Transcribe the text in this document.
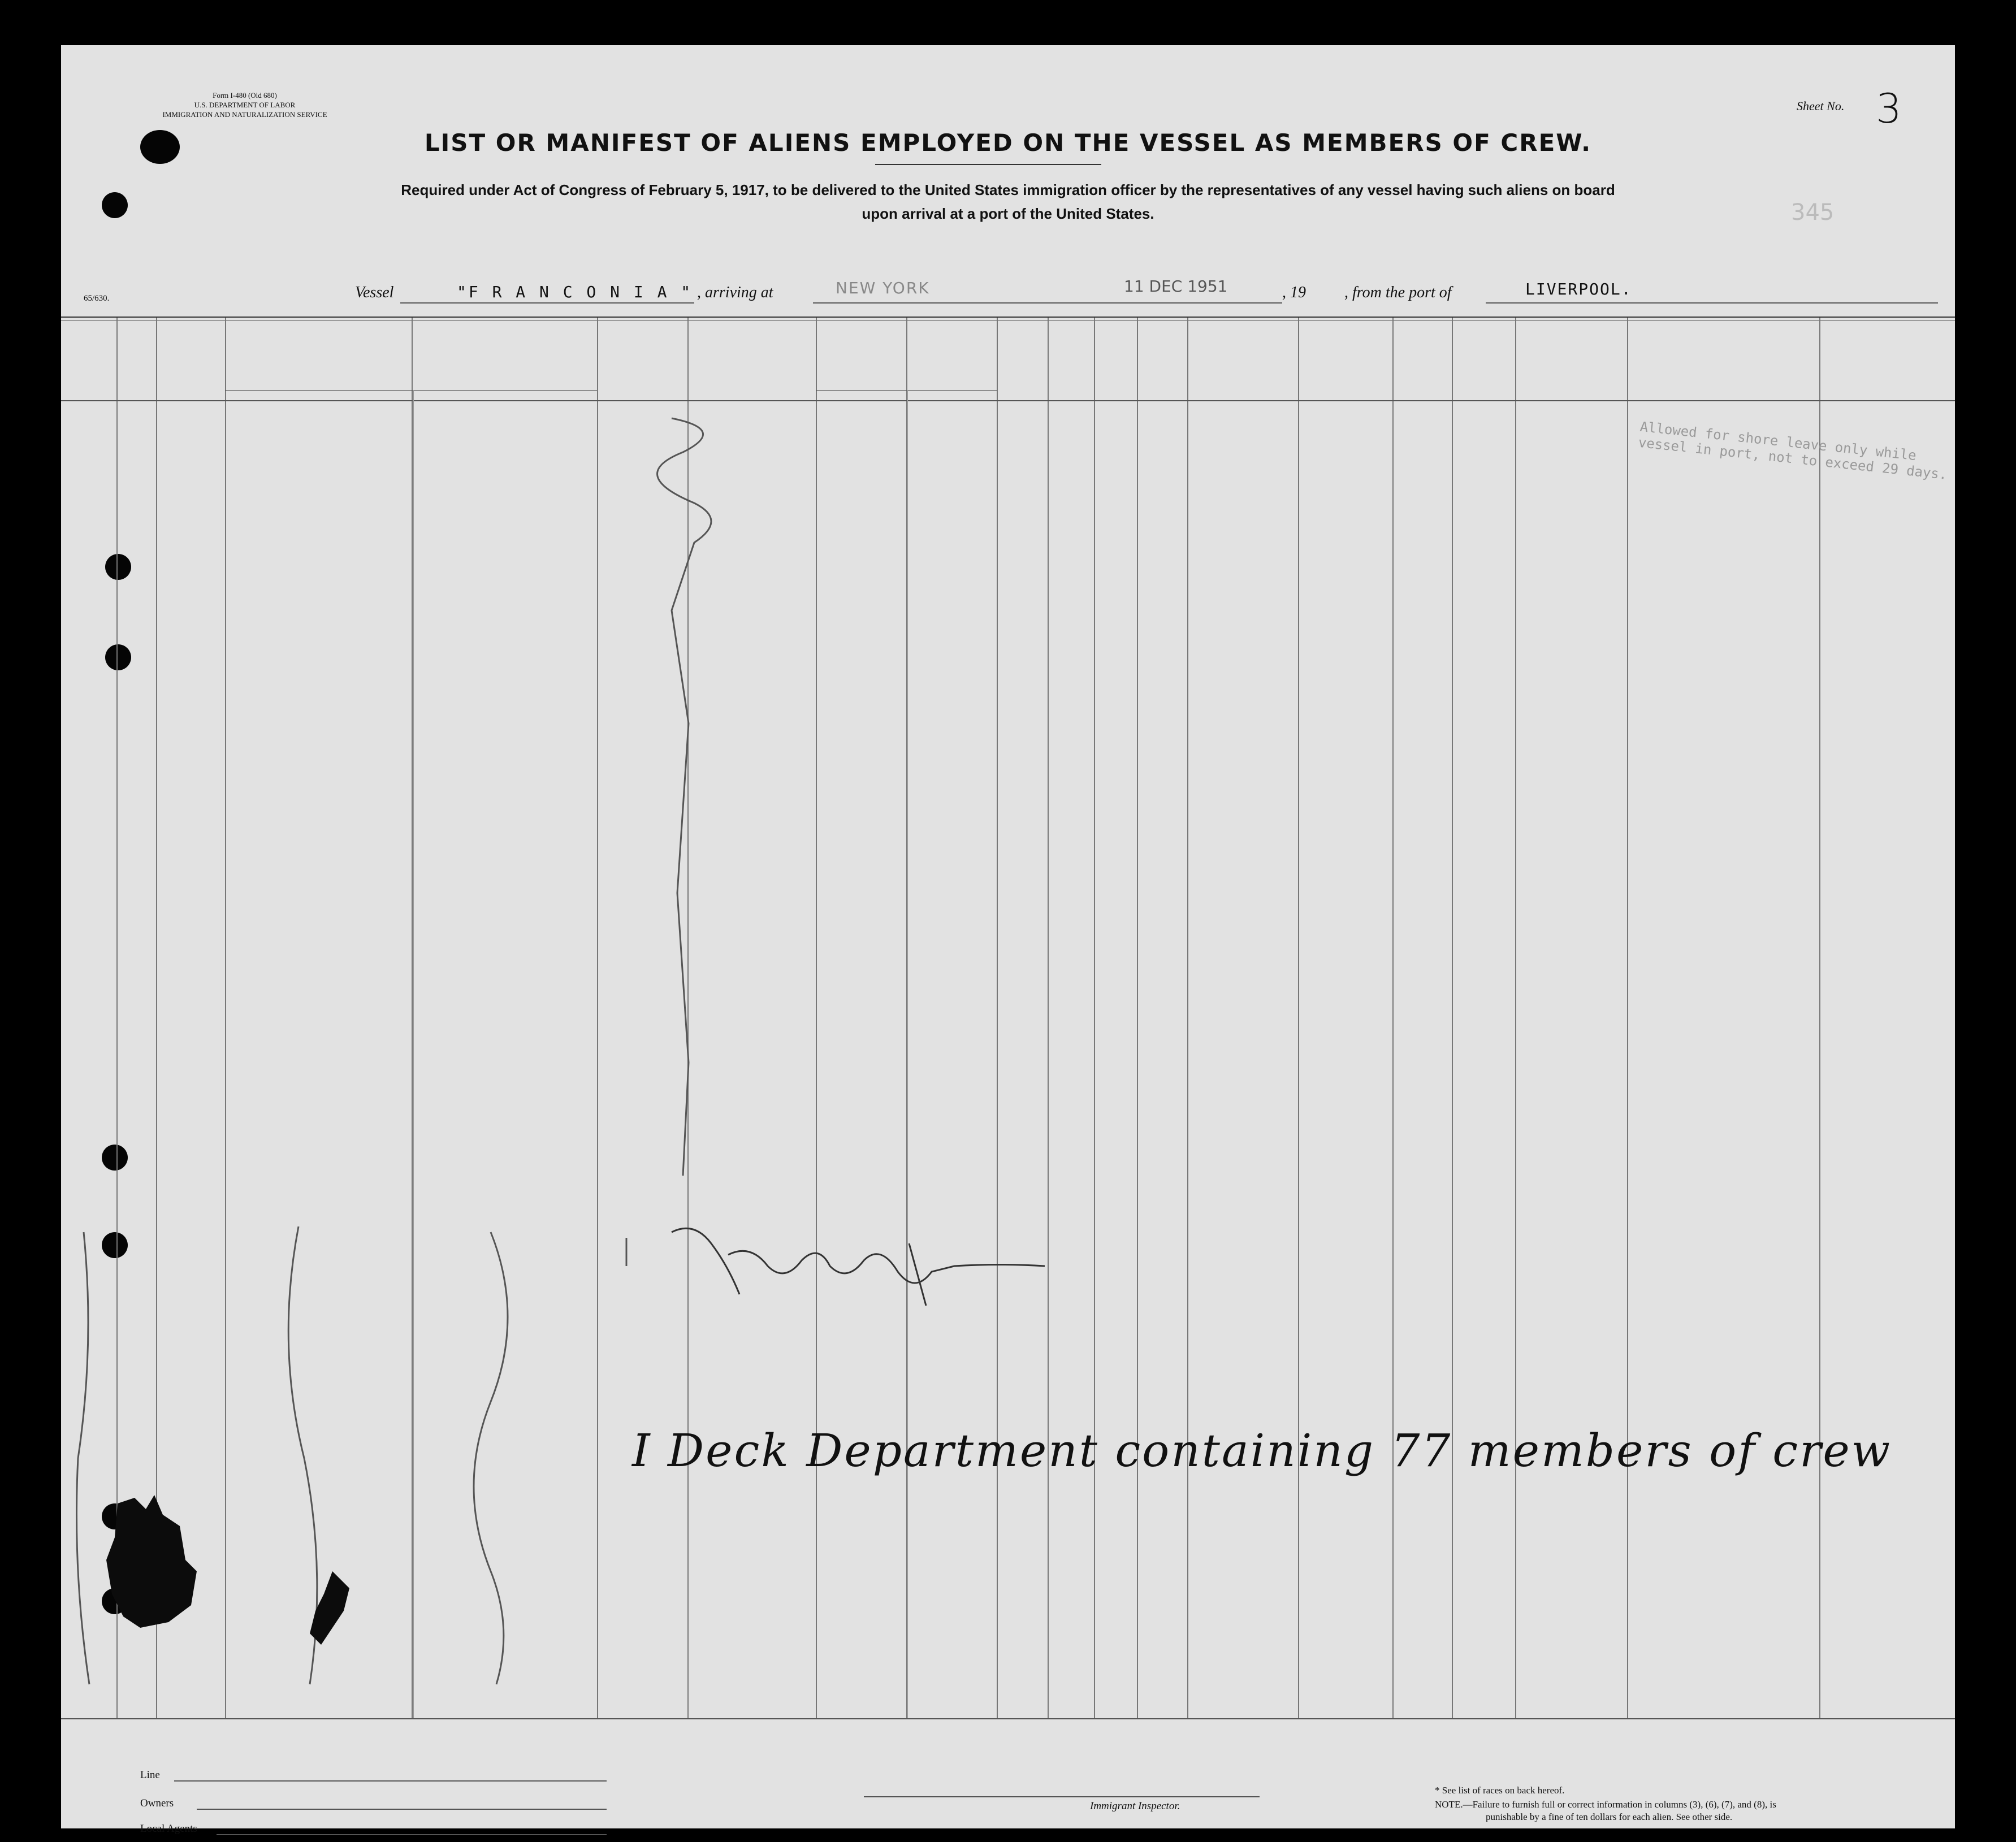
Form I-480 (Old 680)
U.S. DEPARTMENT OF LABOR
IMMIGRATION AND NATURALIZATION SERVICE
65/630.
Sheet No. 3
345
LIST OR MANIFEST OF ALIENS EMPLOYED ON THE VESSEL AS MEMBERS OF CREW.
Required under Act of Congress of February 5, 1917, to be delivered to the United States immigration officer by the representatives of any vessel having such aliens on board
upon arrival at a port of the United States.
Vessel	"F R A N C O N I A " , arriving at	NEW YORK	11 DEC 1951	, 19 , from the port of	LIVERPOOL.
Allowed for shore leave only while vessel in port, not to exceed 29 days.
I Deck Department containing 77 members of crew
Line
Owners
Local Agents
Immigrant Inspector.
* See list of races on back hereof.
NOTE.—Failure to furnish full or correct information in columns (3), (6), (7), and (8), is
punishable by a fine of ten dollars for each alien. See other side.
